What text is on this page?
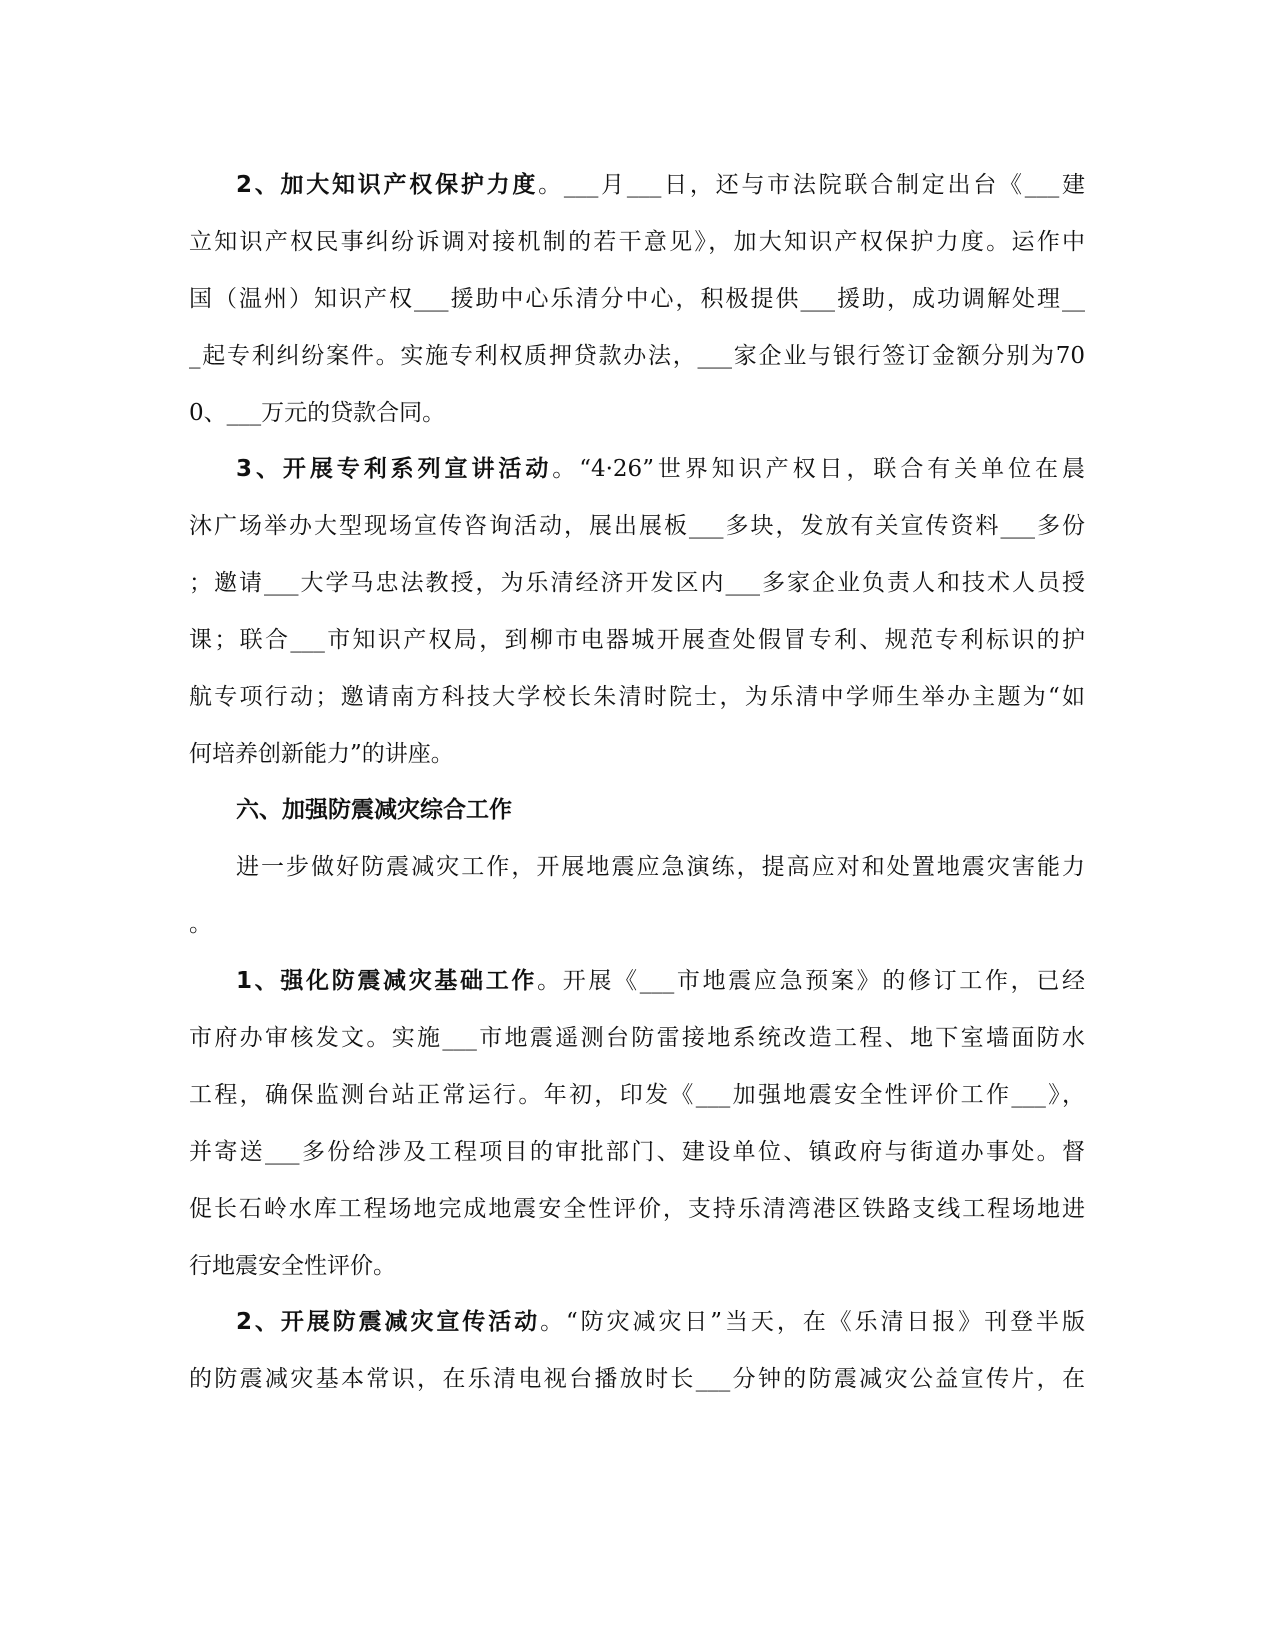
2、加大知识产权保护力度。___月___日，还与市法院联合制定出台《___建
立知识产权民事纠纷诉调对接机制的若干意见》，加大知识产权保护力度。运作中
国（温州）知识产权___援助中心乐清分中心，积极提供___援助，成功调解处理__
_起专利纠纷案件。实施专利权质押贷款办法，___家企业与银行签订金额分别为70
0、___万元的贷款合同。
3、开展专利系列宣讲活动。“4·26”世界知识产权日，联合有关单位在晨
沐广场举办大型现场宣传咨询活动，展出展板___多块，发放有关宣传资料___多份
；邀请___大学马忠法教授，为乐清经济开发区内___多家企业负责人和技术人员授
课；联合___市知识产权局，到柳市电器城开展查处假冒专利、规范专利标识的护
航专项行动；邀请南方科技大学校长朱清时院士，为乐清中学师生举办主题为“如
何培养创新能力”的讲座。
六、加强防震减灾综合工作
进一步做好防震减灾工作，开展地震应急演练，提高应对和处置地震灾害能力
。
1、强化防震减灾基础工作。开展《___市地震应急预案》的修订工作，已经
市府办审核发文。实施___市地震遥测台防雷接地系统改造工程、地下室墙面防水
工程，确保监测台站正常运行。年初，印发《___加强地震安全性评价工作___》，
并寄送___多份给涉及工程项目的审批部门、建设单位、镇政府与街道办事处。督
促长石岭水库工程场地完成地震安全性评价，支持乐清湾港区铁路支线工程场地进
行地震安全性评价。
2、开展防震减灾宣传活动。“防灾减灾日”当天，在《乐清日报》刊登半版
的防震减灾基本常识，在乐清电视台播放时长___分钟的防震减灾公益宣传片，在
